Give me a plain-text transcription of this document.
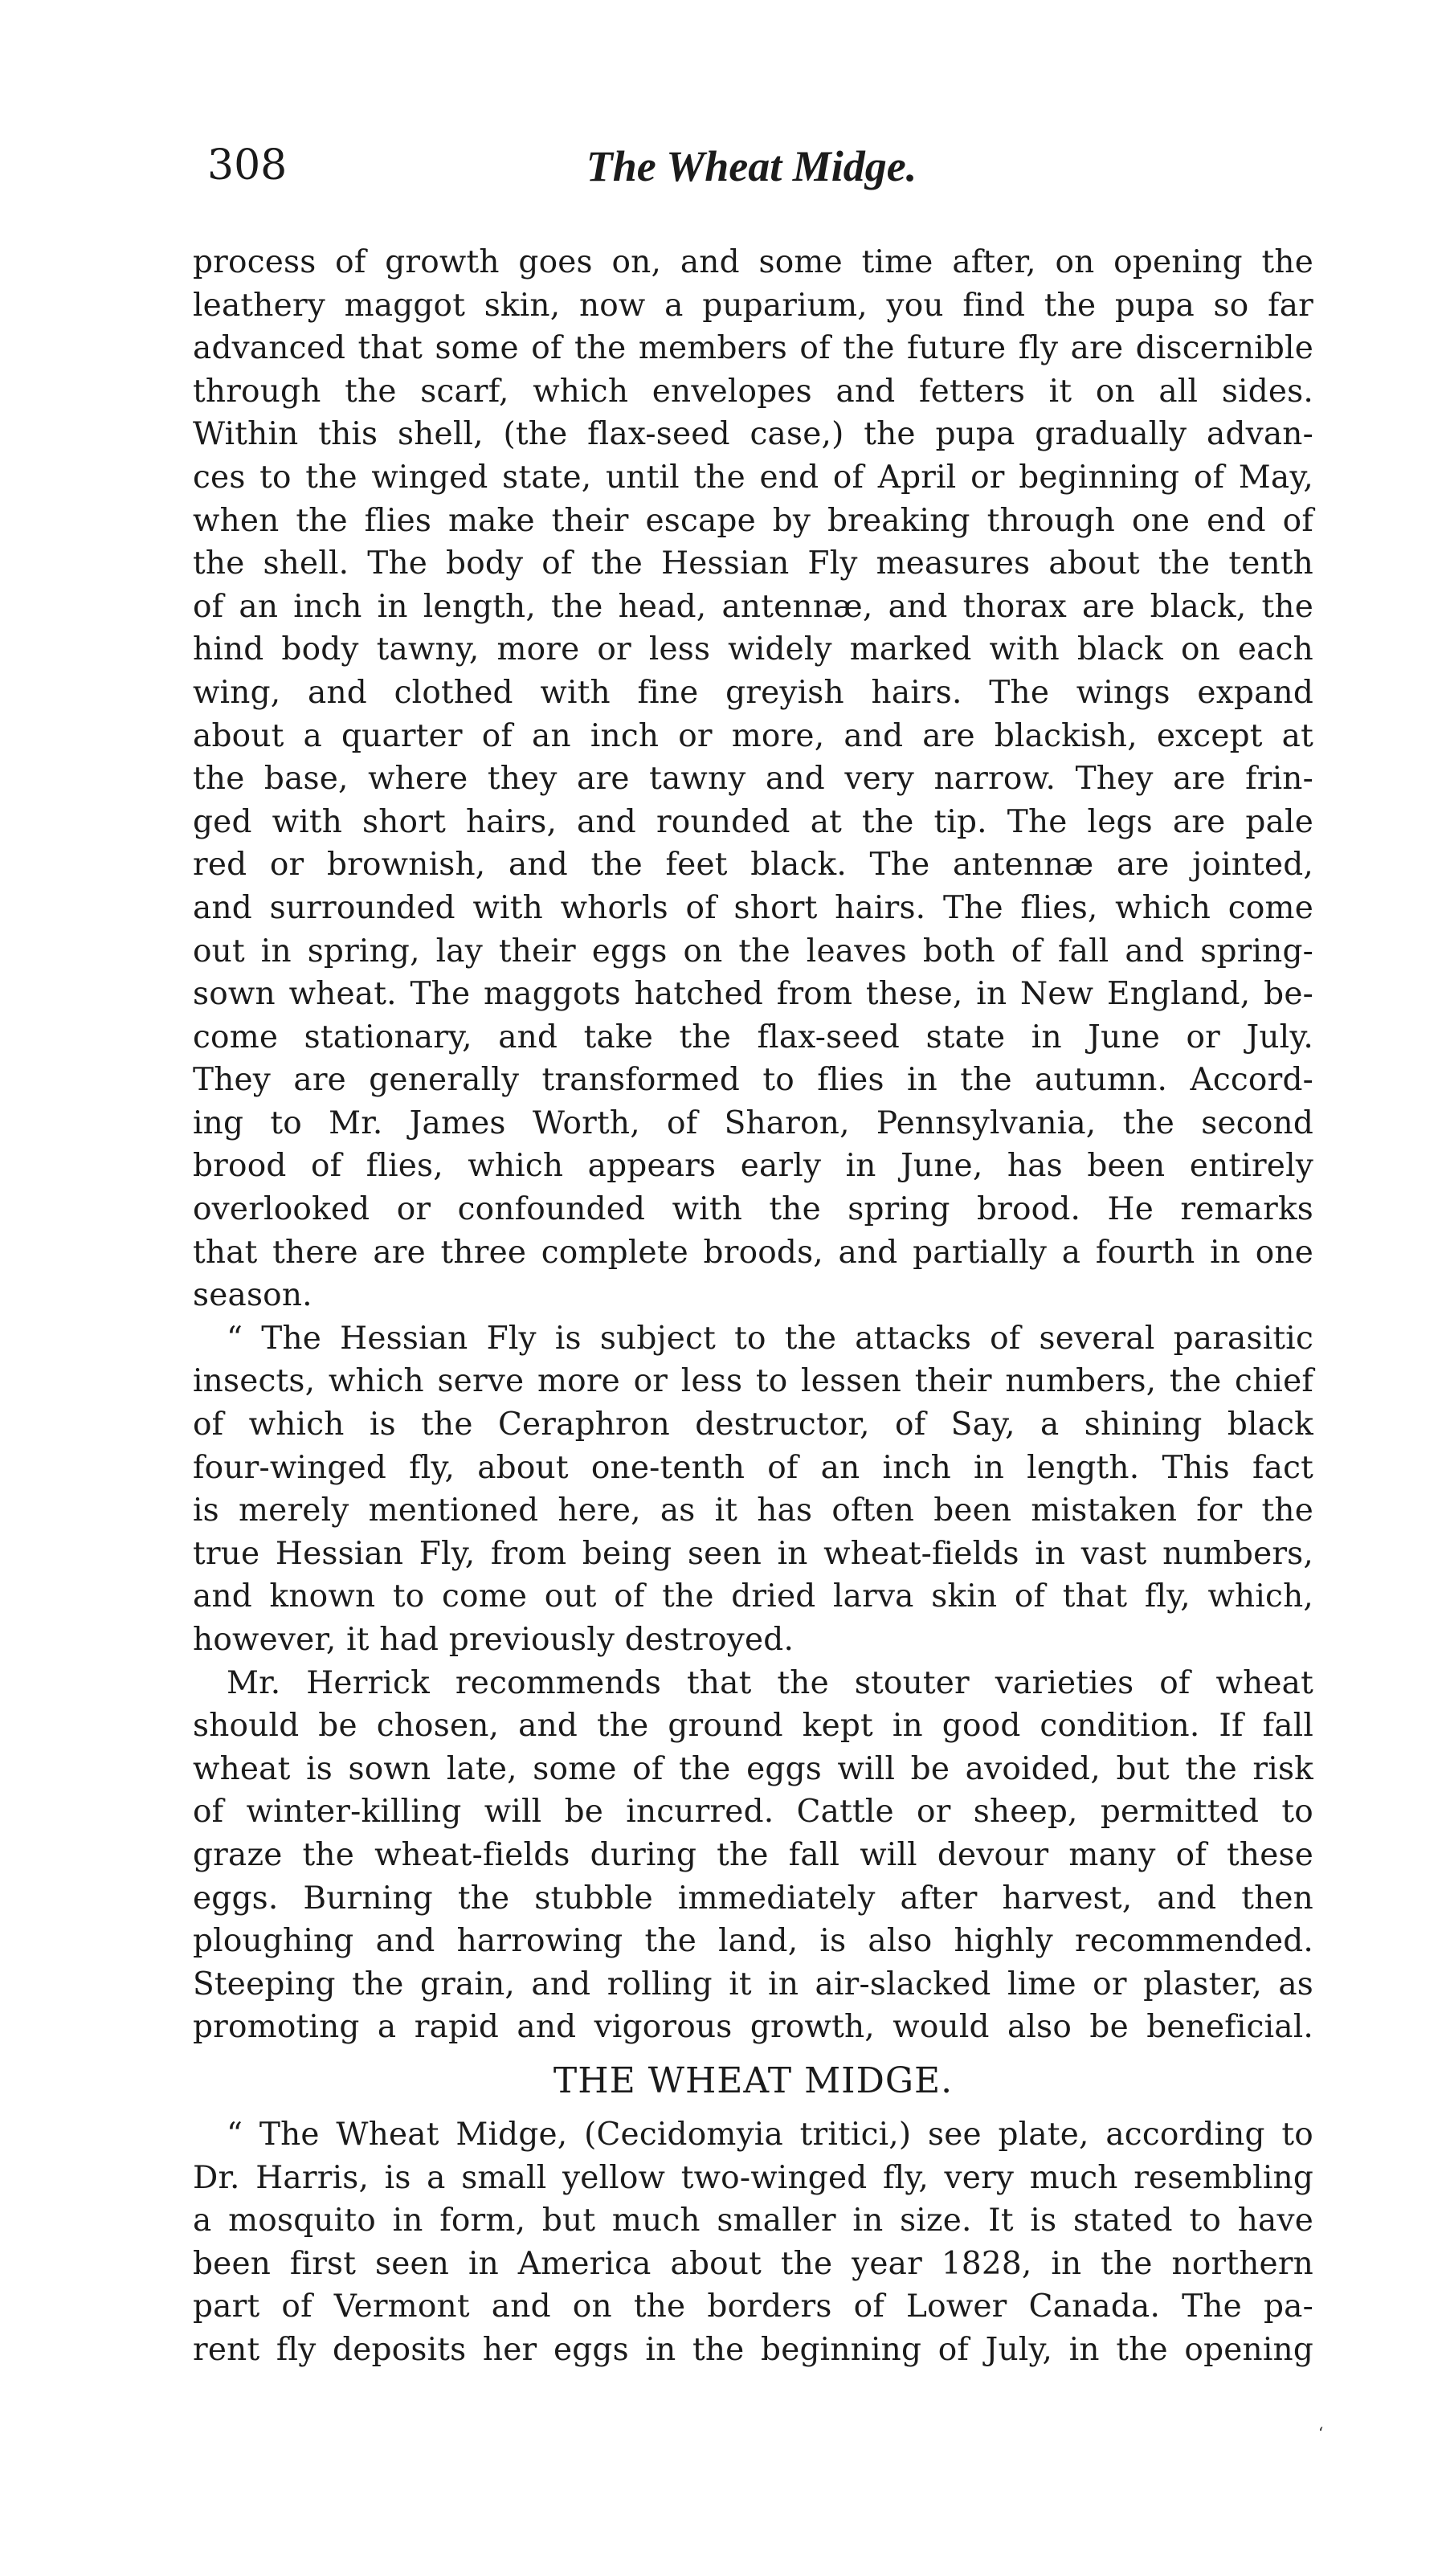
308	The Wheat Midge.
process of growth goes on, and some time after, on opening the
leathery maggot skin, now a puparium, you find the pupa so far
advanced that some of the members of the future fly are discernible
through the scarf, which envelopes and fetters it on all sides.
Within this shell, (the flax-seed case,) the pupa gradually advan-
ces to the winged state, until the end of April or beginning of May,
when the flies make their escape by breaking through one end of
the shell. The body of the Hessian Fly measures about the tenth
of an inch in length, the head, antennæ, and thorax are black, the
hind body tawny, more or less widely marked with black on each
wing, and clothed with fine greyish hairs. The wings expand
about a quarter of an inch or more, and are blackish, except at
the base, where they are tawny and very narrow. They are frin-
ged with short hairs, and rounded at the tip. The legs are pale
red or brownish, and the feet black. The antennæ are jointed,
and surrounded with whorls of short hairs. The flies, which come
out in spring, lay their eggs on the leaves both of fall and spring-
sown wheat. The maggots hatched from these, in New England, be-
come stationary, and take the flax-seed state in June or July.
They are generally transformed to flies in the autumn. Accord-
ing to Mr. James Worth, of Sharon, Pennsylvania, the second
brood of flies, which appears early in June, has been entirely
overlooked or confounded with the spring brood. He remarks
that there are three complete broods, and partially a fourth in one
season.
“ The Hessian Fly is subject to the attacks of several parasitic
insects, which serve more or less to lessen their numbers, the chief
of which is the Ceraphron destructor, of Say, a shining black
four-winged fly, about one-tenth of an inch in length. This fact
is merely mentioned here, as it has often been mistaken for the
true Hessian Fly, from being seen in wheat-fields in vast numbers,
and known to come out of the dried larva skin of that fly, which,
however, it had previously destroyed.
Mr. Herrick recommends that the stouter varieties of wheat
should be chosen, and the ground kept in good condition. If fall
wheat is sown late, some of the eggs will be avoided, but the risk
of winter-killing will be incurred. Cattle or sheep, permitted to
graze the wheat-fields during the fall will devour many of these
eggs. Burning the stubble immediately after harvest, and then
ploughing and harrowing the land, is also highly recommended.
Steeping the grain, and rolling it in air-slacked lime or plaster, as
promoting a rapid and vigorous growth, would also be beneficial.
THE WHEAT MIDGE.
“ The Wheat Midge, (Cecidomyia tritici,) see plate, according to
Dr. Harris, is a small yellow two-winged fly, very much resembling
a mosquito in form, but much smaller in size. It is stated to have
been first seen in America about the year 1828, in the northern
part of Vermont and on the borders of Lower Canada. The pa-
rent fly deposits her eggs in the beginning of July, in the opening
‘
